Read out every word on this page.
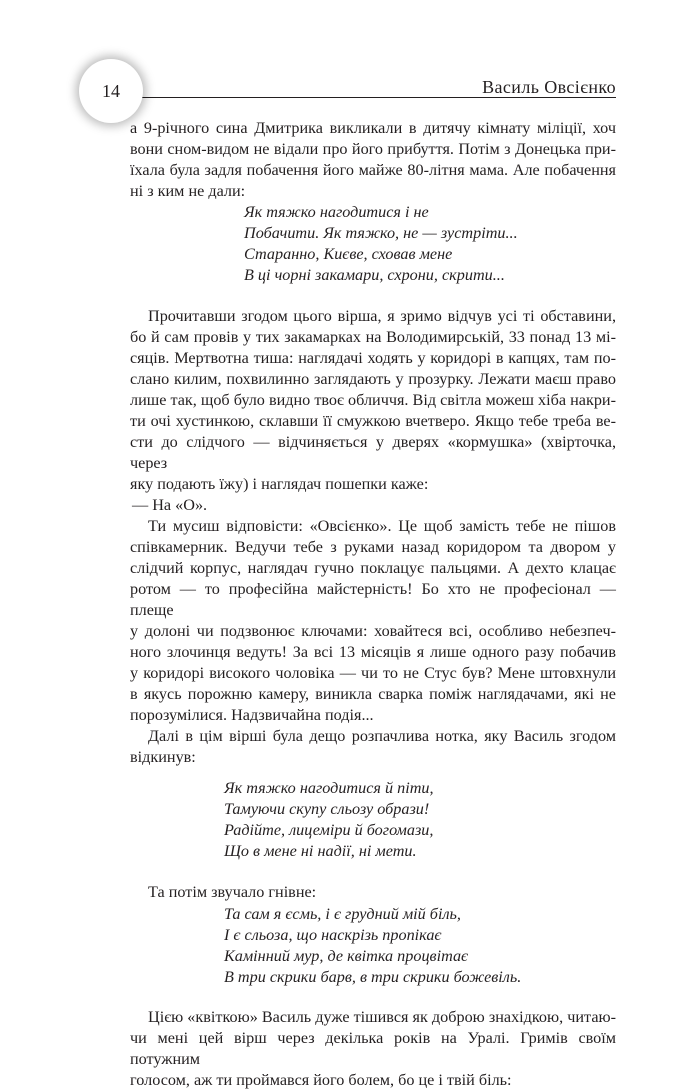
14	Василь Овсієнко

а 9-річного сина Дмитрика викликали в дитячу кімнату міліції, хоч

вони сном-видом не відали про його прибуття. Потім з Донецька при-

їхала була задля побачення його майже 80-літня мама. Але побачення

ні з ким не дали:

Як тяжко нагодитися і не
Побачити. Як тяжко, не — зустріти...
Старанно, Києве, сховав мене
В ці чорні закамари, схрони, скрити...

Прочитавши згодом цього вірша, я зримо відчув усі ті обставини,

бо й сам провів у тих закамарках на Володимирській, 33 понад 13 мі-

сяців. Мертвотна тиша: наглядачі ходять у коридорі в капцях, там по-

слано килим, похвилинно заглядають у прозурку. Лежати маєш право

лише так, щоб було видно твоє обличчя. Від світла можеш хіба накри-

ти очі хустинкою, склавши її смужкою вчетверо. Якщо тебе треба ве-

сти до слідчого — відчиняється у дверях «кормушка» (хвірточка, через

яку подають їжу) і наглядач пошепки каже:

— На «О».

Ти мусиш відповісти: «Овсієнко». Це щоб замість тебе не пішов

співкамерник. Ведучи тебе з руками назад коридором та двором у

слідчий корпус, наглядач гучно поклацує пальцями. А дехто клацає

ротом — то професійна майстерність! Бо хто не професіонал — плеще

у долоні чи подзвонює ключами: ховайтеся всі, особливо небезпеч-

ного злочинця ведуть! За всі 13 місяців я лише одного разу побачив

у коридорі високого чоловіка — чи то не Стус був? Мене штовхнули

в якусь порожню камеру, виникла сварка поміж наглядачами, які не

порозумілися. Надзвичайна подія...

Далі в цім вірші була дещо розпачлива нотка, яку Василь згодом

відкинув:

Як тяжко нагодитися й піти,
Тамуючи скупу сльозу образи!
Радійте, лицеміри й богомази,
Що в мене ні надії, ні мети.

Та потім звучало гнівне:

Та сам я єсмь, і є грудний мій біль,
І є сльоза, що наскрізь пропікає
Камінний мур, де квітка процвітає
В три скрики барв, в три скрики божевіль.

Цією «квіткою» Василь дуже тішився як доброю знахідкою, читаю-

чи мені цей вірш через декілька років на Уралі. Гримів своїм потужним

голосом, аж ти проймався його болем, бо це і твій біль:
